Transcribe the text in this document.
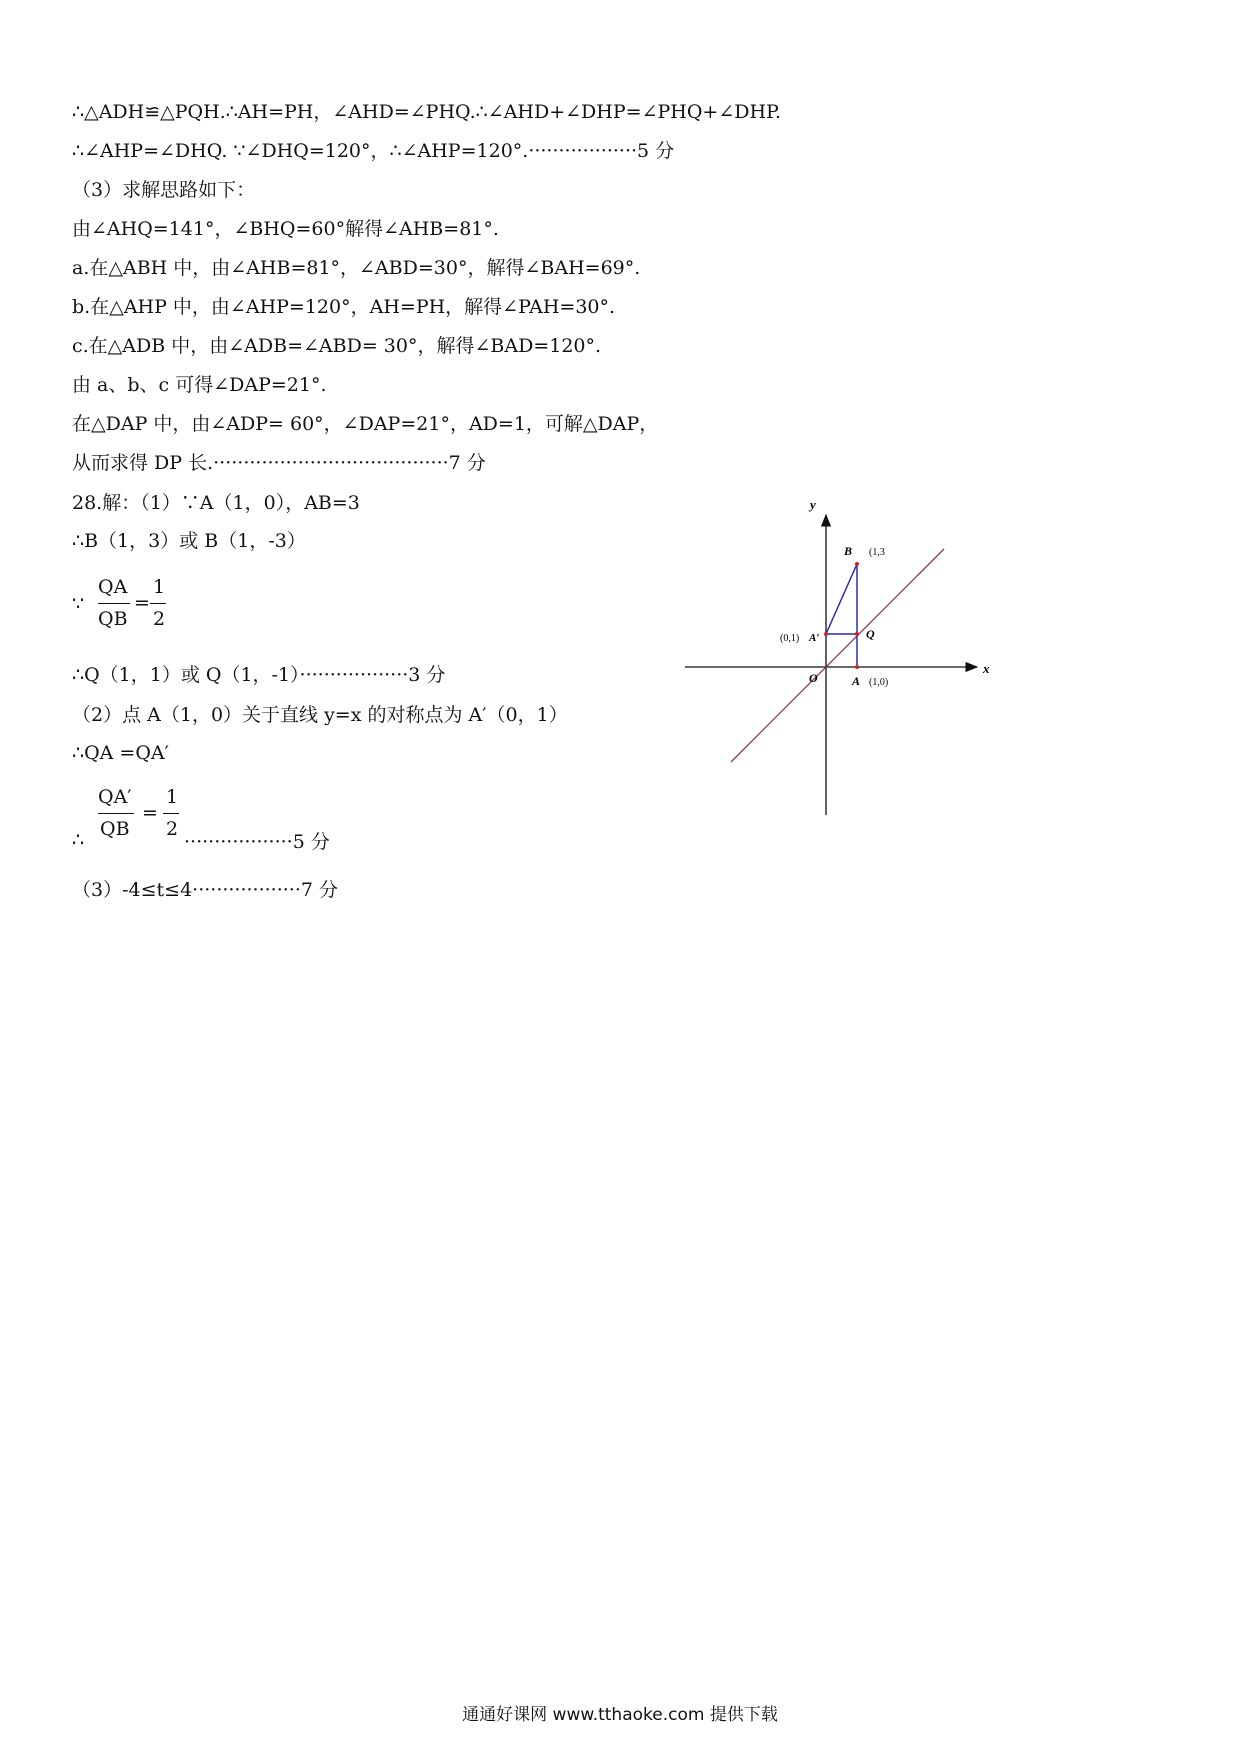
∴△ADH≌△PQH.∴AH=PH，∠AHD=∠PHQ.∴∠AHD+∠DHP=∠PHQ+∠DHP.
∴∠AHP=∠DHQ. ∵∠DHQ=120°，∴∠AHP=120°.··················5 分
（3）求解思路如下：
由∠AHQ=141°，∠BHQ=60°解得∠AHB=81°.
a.在△ABH 中，由∠AHB=81°，∠ABD=30°，解得∠BAH=69°.
b.在△AHP 中，由∠AHP=120°，AH=PH，解得∠PAH=30°.
c.在△ADB 中，由∠ADB=∠ABD= 30°，解得∠BAD=120°.
由 a、b、c 可得∠DAP=21°.
在△DAP 中，由∠ADP= 60°，∠DAP=21°，AD=1，可解△DAP，
从而求得 DP 长.·······································7 分
28.解：（1）∵A（1，0），AB=3
∴B（1，3）或 B（1，-3）
∵
QA
QB
=
1
2
∴Q（1，1）或 Q（1，-1）··················3 分
（2）点 A（1，0）关于直线 y=x 的对称点为 A′（0，1）
∴QA =QA′
∴
QA′
QB
=
1
2
··················5 分
（3）-4≤t≤4··················7 分
x
y
O
B (1,3
A′
(0,1)	Q
A (1,0)
通通好课网 www.tthaoke.com 提供下载
